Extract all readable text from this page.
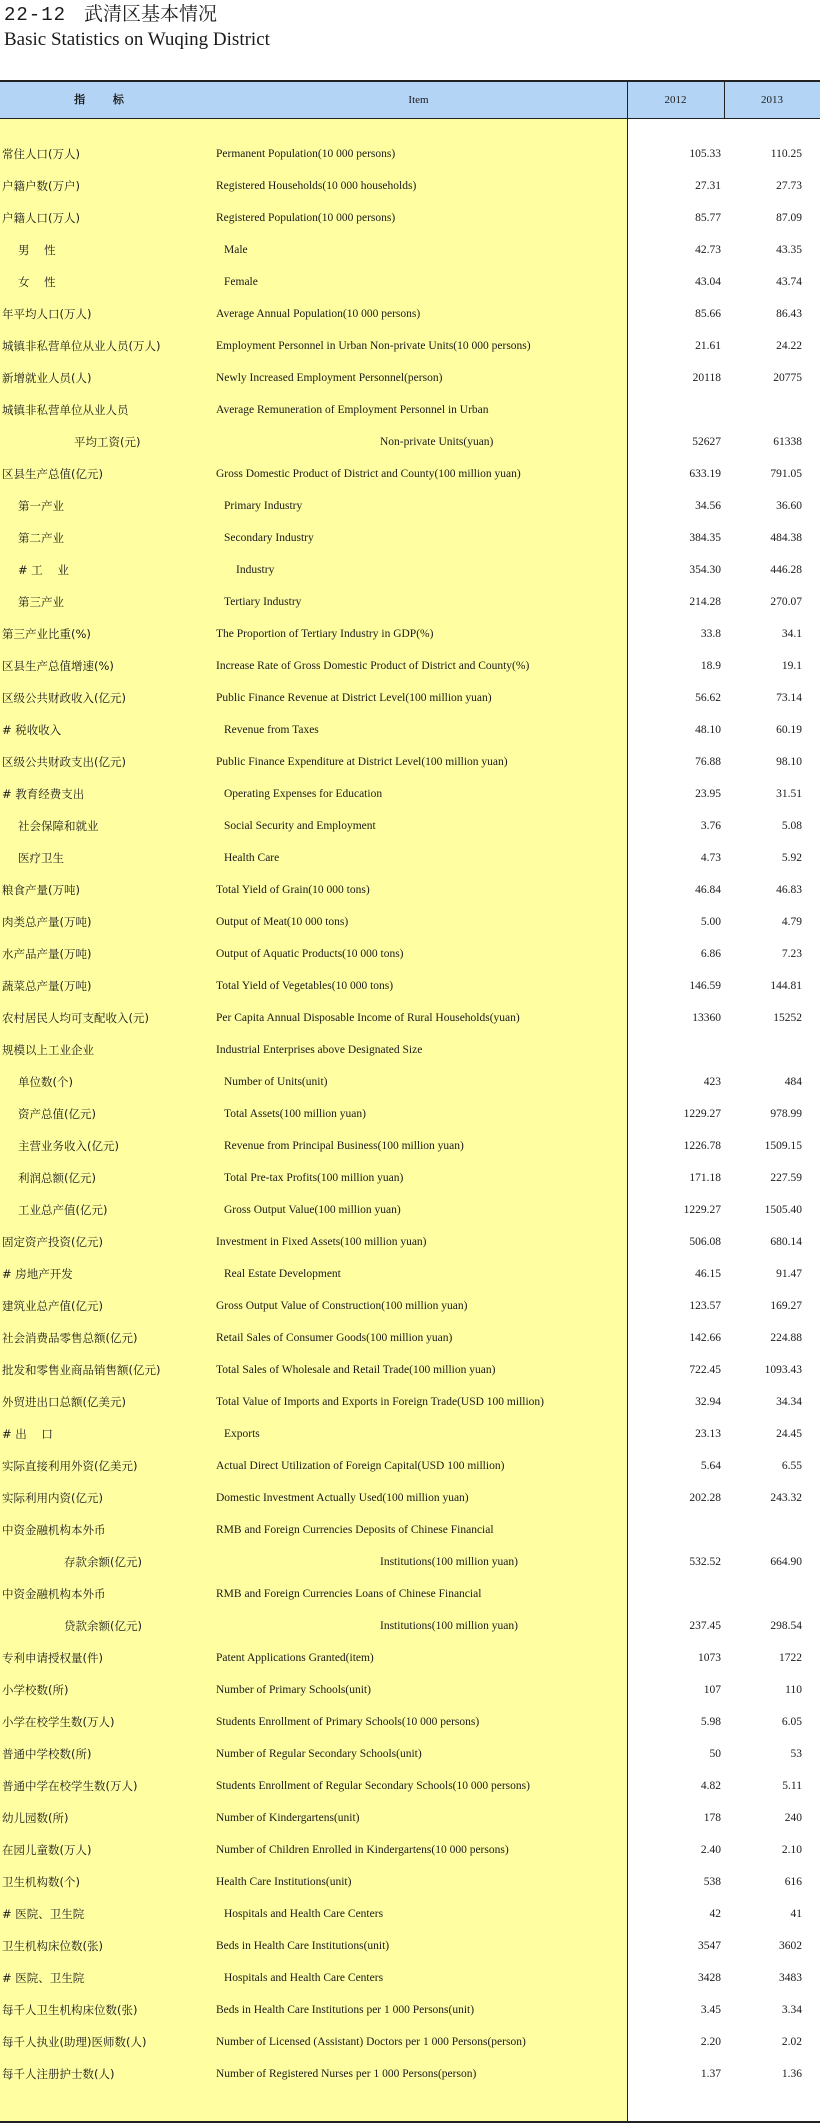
22-12 武清区基本情况
Basic Statistics on Wuqing District
指 标	Item	2012	2013
常住人口(万人)	Permanent Population(10 000 persons)	105.33	110.25
户籍户数(万户)	Registered Households(10 000 households)	27.31	27.73
户籍人口(万人)	Registered Population(10 000 persons)	85.77	87.09
男    性	Male	42.73	43.35
女    性	Female	43.04	43.74
年平均人口(万人)	Average Annual Population(10 000 persons)	85.66	86.43
城镇非私营单位从业人员(万人)	Employment Personnel in Urban Non-private Units(10 000 persons)	21.61	24.22
新增就业人员(人)	Newly Increased Employment Personnel(person)	20118	20775
城镇非私营单位从业人员	Average Remuneration of Employment Personnel in Urban
平均工资(元)	Non-private Units(yuan)	52627	61338
区县生产总值(亿元)	Gross Domestic Product of District and County(100 million yuan)	633.19	791.05
第一产业	Primary Industry	34.56	36.60
第二产业	Secondary Industry	384.35	484.38
# 工    业	Industry	354.30	446.28
第三产业	Tertiary Industry	214.28	270.07
第三产业比重(%)	The Proportion of Tertiary Industry in GDP(%)	33.8	34.1
区县生产总值增速(%)	Increase Rate of Gross Domestic Product of District and County(%)	18.9	19.1
区级公共财政收入(亿元)	Public Finance Revenue at District Level(100 million yuan)	56.62	73.14
# 税收收入	Revenue from Taxes	48.10	60.19
区级公共财政支出(亿元)	Public Finance Expenditure at District Level(100 million yuan)	76.88	98.10
# 教育经费支出	Operating Expenses for Education	23.95	31.51
社会保障和就业	Social Security and Employment	3.76	5.08
医疗卫生	Health Care	4.73	5.92
粮食产量(万吨)	Total Yield of Grain(10 000 tons)	46.84	46.83
肉类总产量(万吨)	Output of Meat(10 000 tons)	5.00	4.79
水产品产量(万吨)	Output of Aquatic Products(10 000 tons)	6.86	7.23
蔬菜总产量(万吨)	Total Yield of Vegetables(10 000 tons)	146.59	144.81
农村居民人均可支配收入(元)	Per Capita Annual Disposable Income of Rural Households(yuan)	13360	15252
规模以上工业企业	Industrial Enterprises above Designated Size
单位数(个)	Number of Units(unit)	423	484
资产总值(亿元)	Total Assets(100 million yuan)	1229.27	978.99
主营业务收入(亿元)	Revenue from Principal Business(100 million yuan)	1226.78	1509.15
利润总额(亿元)	Total Pre-tax Profits(100 million yuan)	171.18	227.59
工业总产值(亿元)	Gross Output Value(100 million yuan)	1229.27	1505.40
固定资产投资(亿元)	Investment in Fixed Assets(100 million yuan)	506.08	680.14
# 房地产开发	Real Estate Development	46.15	91.47
建筑业总产值(亿元)	Gross Output Value of Construction(100 million yuan)	123.57	169.27
社会消费品零售总额(亿元)	Retail Sales of Consumer Goods(100 million yuan)	142.66	224.88
批发和零售业商品销售额(亿元)	Total Sales of Wholesale and Retail Trade(100 million yuan)	722.45	1093.43
外贸进出口总额(亿美元)	Total Value of Imports and Exports in Foreign Trade(USD 100 million)	32.94	34.34
# 出    口	Exports	23.13	24.45
实际直接利用外资(亿美元)	Actual Direct Utilization of Foreign Capital(USD 100 million)	5.64	6.55
实际利用内资(亿元)	Domestic Investment Actually Used(100 million yuan)	202.28	243.32
中资金融机构本外币	RMB and Foreign Currencies Deposits of Chinese Financial
存款余额(亿元)	Institutions(100 million yuan)	532.52	664.90
中资金融机构本外币	RMB and Foreign Currencies Loans of Chinese Financial
贷款余额(亿元)	Institutions(100 million yuan)	237.45	298.54
专利申请授权量(件)	Patent Applications Granted(item)	1073	1722
小学校数(所)	Number of Primary Schools(unit)	107	110
小学在校学生数(万人)	Students Enrollment of Primary Schools(10 000 persons)	5.98	6.05
普通中学校数(所)	Number of Regular Secondary Schools(unit)	50	53
普通中学在校学生数(万人)	Students Enrollment of Regular Secondary Schools(10 000 persons)	4.82	5.11
幼儿园数(所)	Number of Kindergartens(unit)	178	240
在园儿童数(万人)	Number of Children Enrolled in Kindergartens(10 000 persons)	2.40	2.10
卫生机构数(个)	Health Care Institutions(unit)	538	616
# 医院、卫生院	Hospitals and Health Care Centers	42	41
卫生机构床位数(张)	Beds in Health Care Institutions(unit)	3547	3602
# 医院、卫生院	Hospitals and Health Care Centers	3428	3483
每千人卫生机构床位数(张)	Beds in Health Care Institutions per 1 000 Persons(unit)	3.45	3.34
每千人执业(助理)医师数(人)	Number of Licensed (Assistant) Doctors per 1 000 Persons(person)	2.20	2.02
每千人注册护士数(人)	Number of Registered Nurses per 1 000 Persons(person)	1.37	1.36
